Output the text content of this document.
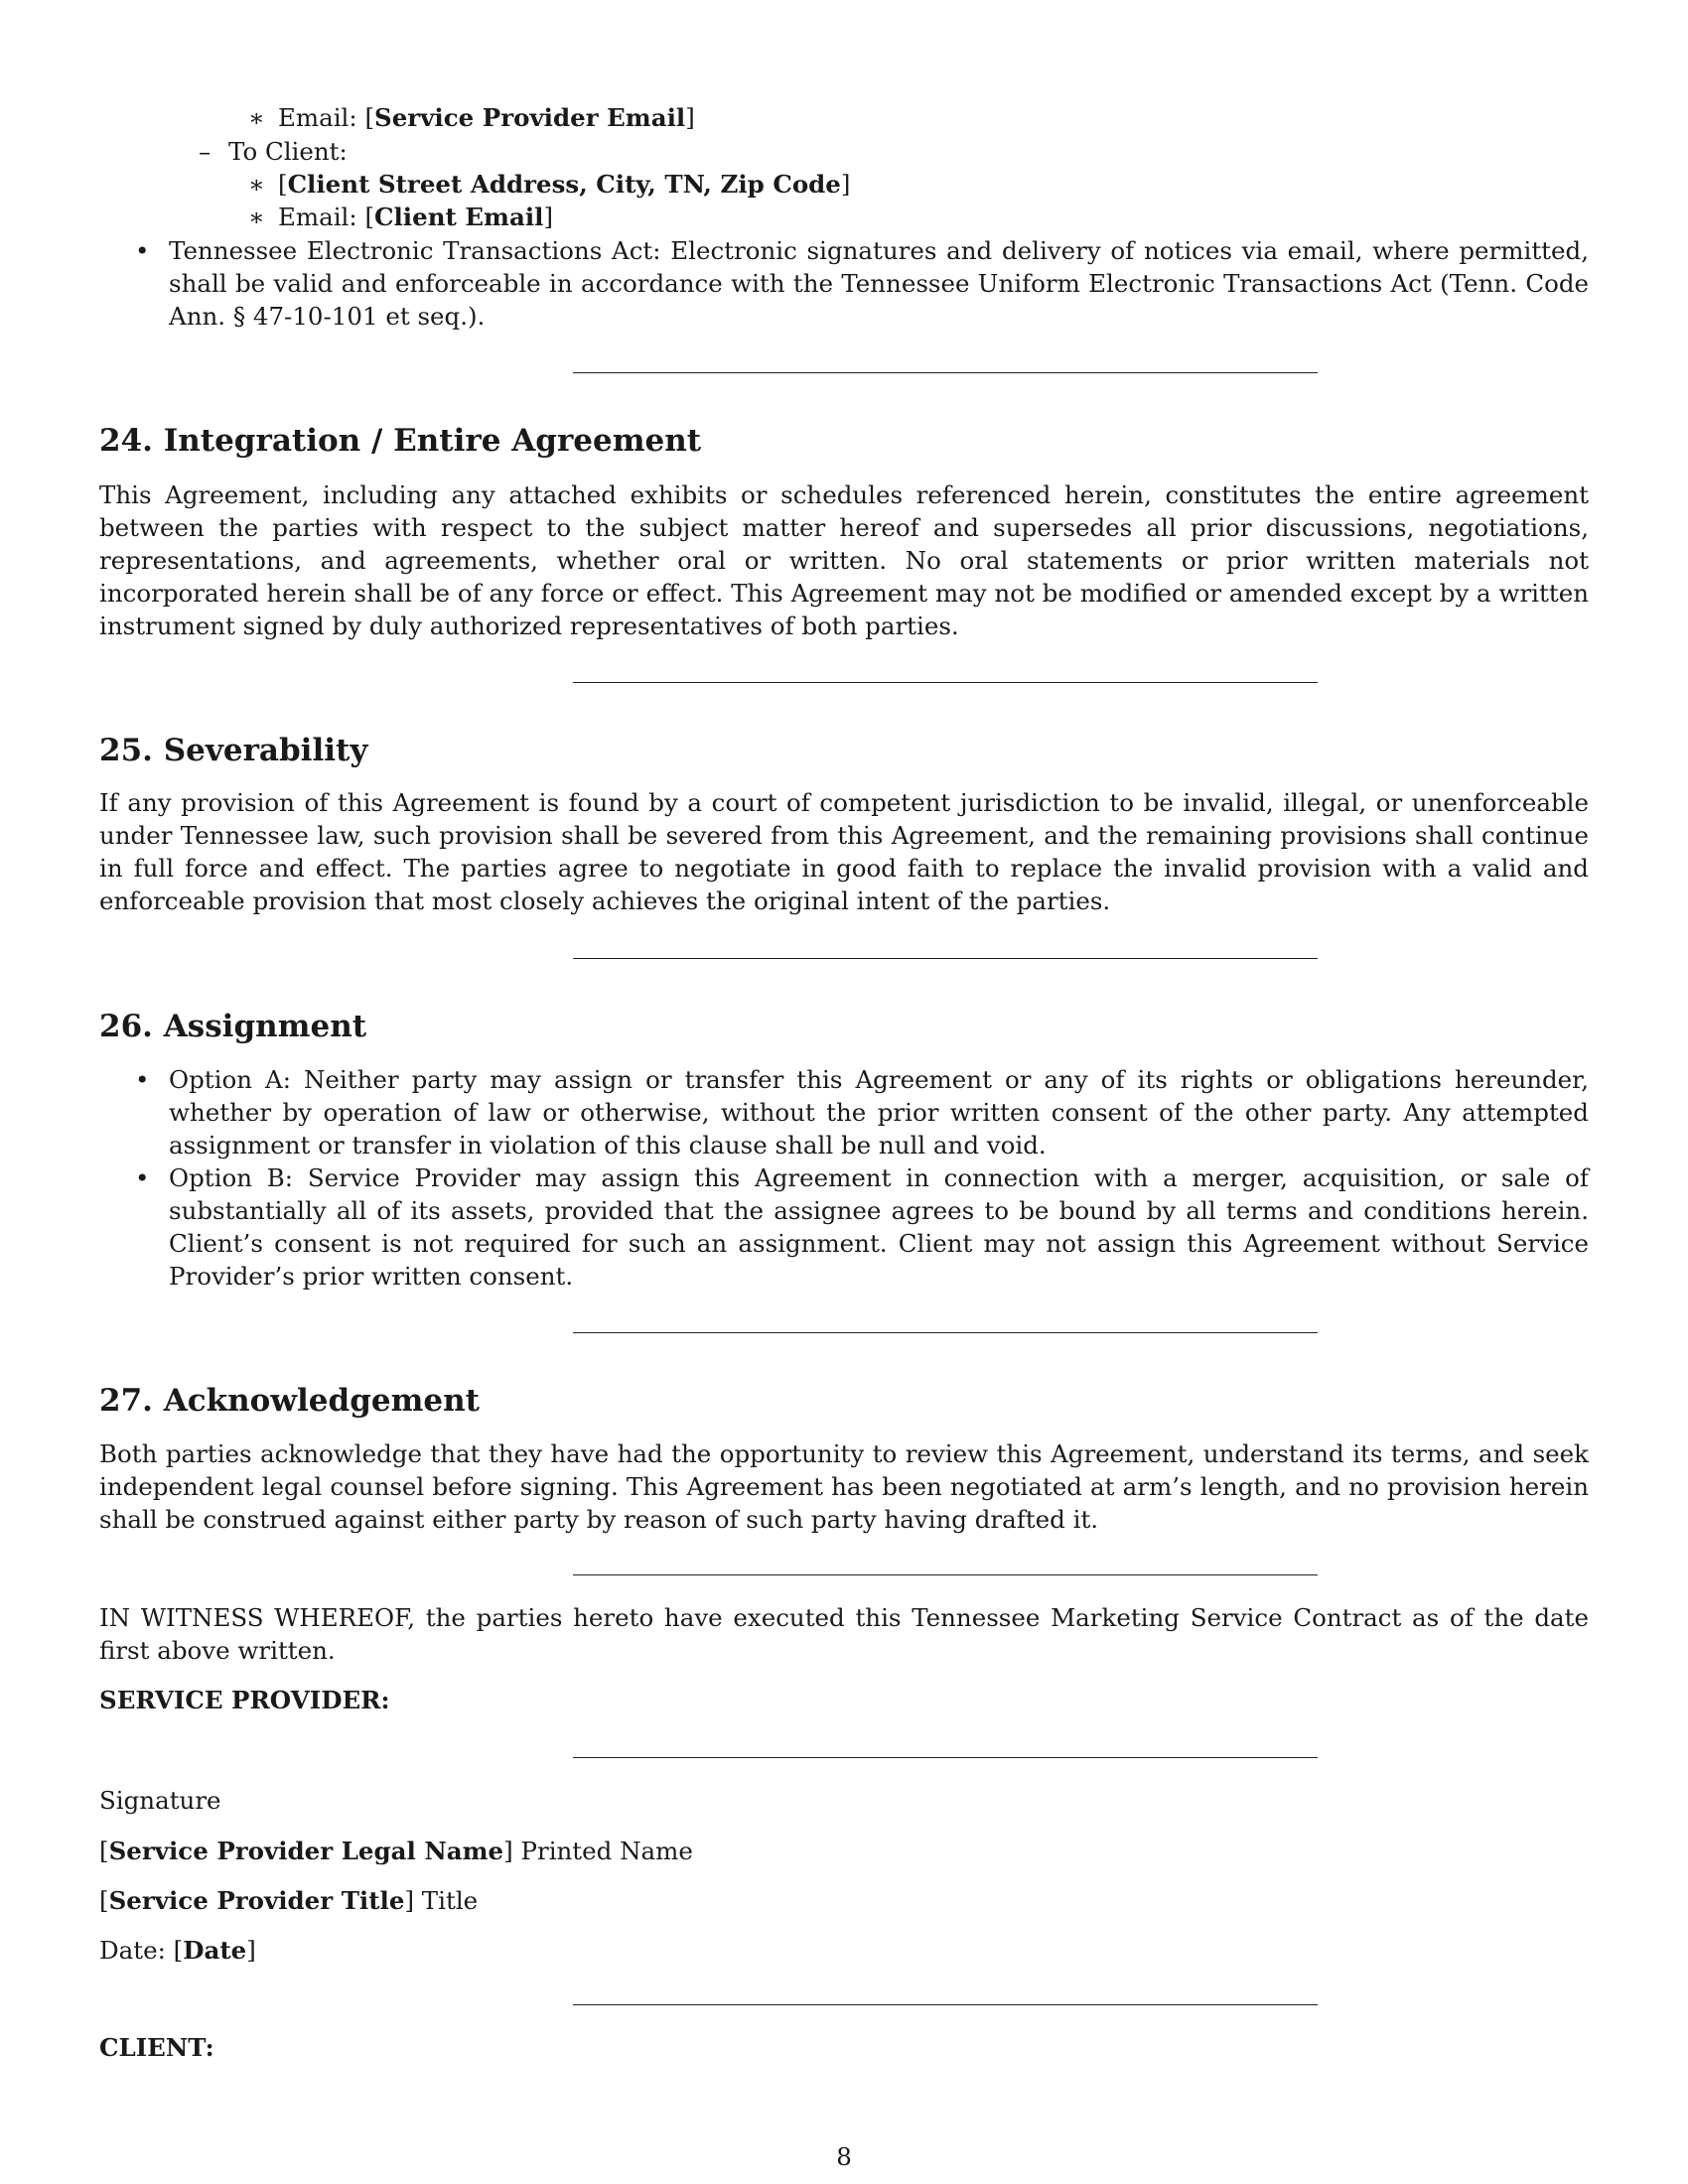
∗ Email: [Service Provider Email]
– To Client:
∗ [Client Street Address, City, TN, Zip Code]
∗ Email: [Client Email]
• Tennessee Electronic Transactions Act: Electronic signatures and delivery of notices via email, where permitted, shall be valid and enforceable in accordance with the Tennessee Uniform Electronic Transactions Act (Tenn. Code Ann. § 47-10-101 et seq.).
24. Integration / Entire Agreement

This Agreement, including any attached exhibits or schedules referenced herein, constitutes the entire agreement between the parties with respect to the subject matter hereof and supersedes all prior discussions, negotiations, representations, and agreements, whether oral or written. No oral statements or prior written materials not incorporated herein shall be of any force or effect. This Agreement may not be modified or amended except by a written instrument signed by duly authorized representatives of both parties.

25. Severability

If any provision of this Agreement is found by a court of competent jurisdiction to be invalid, illegal, or unenforceable under Tennessee law, such provision shall be severed from this Agreement, and the remaining provisions shall continue in full force and effect. The parties agree to negotiate in good faith to replace the invalid provision with a valid and enforceable provision that most closely achieves the original intent of the parties.

26. Assignment
• Option A: Neither party may assign or transfer this Agreement or any of its rights or obligations hereunder, whether by operation of law or otherwise, without the prior written consent of the other party. Any attempted assignment or transfer in violation of this clause shall be null and void.
• Option B: Service Provider may assign this Agreement in connection with a merger, acquisition, or sale of substantially all of its assets, provided that the assignee agrees to be bound by all terms and conditions herein. Client’s consent is not required for such an assignment. Client may not assign this Agreement without Service Provider’s prior written consent.
27. Acknowledgement

Both parties acknowledge that they have had the opportunity to review this Agreement, understand its terms, and seek independent legal counsel before signing. This Agreement has been negotiated at arm’s length, and no provision herein shall be construed against either party by reason of such party having drafted it.

IN WITNESS WHEREOF, the parties hereto have executed this Tennessee Marketing Service Contract as of the date first above written.

SERVICE PROVIDER:
Signature
[Service Provider Legal Name] Printed Name
[Service Provider Title] Title
Date: [Date]
CLIENT:
8
